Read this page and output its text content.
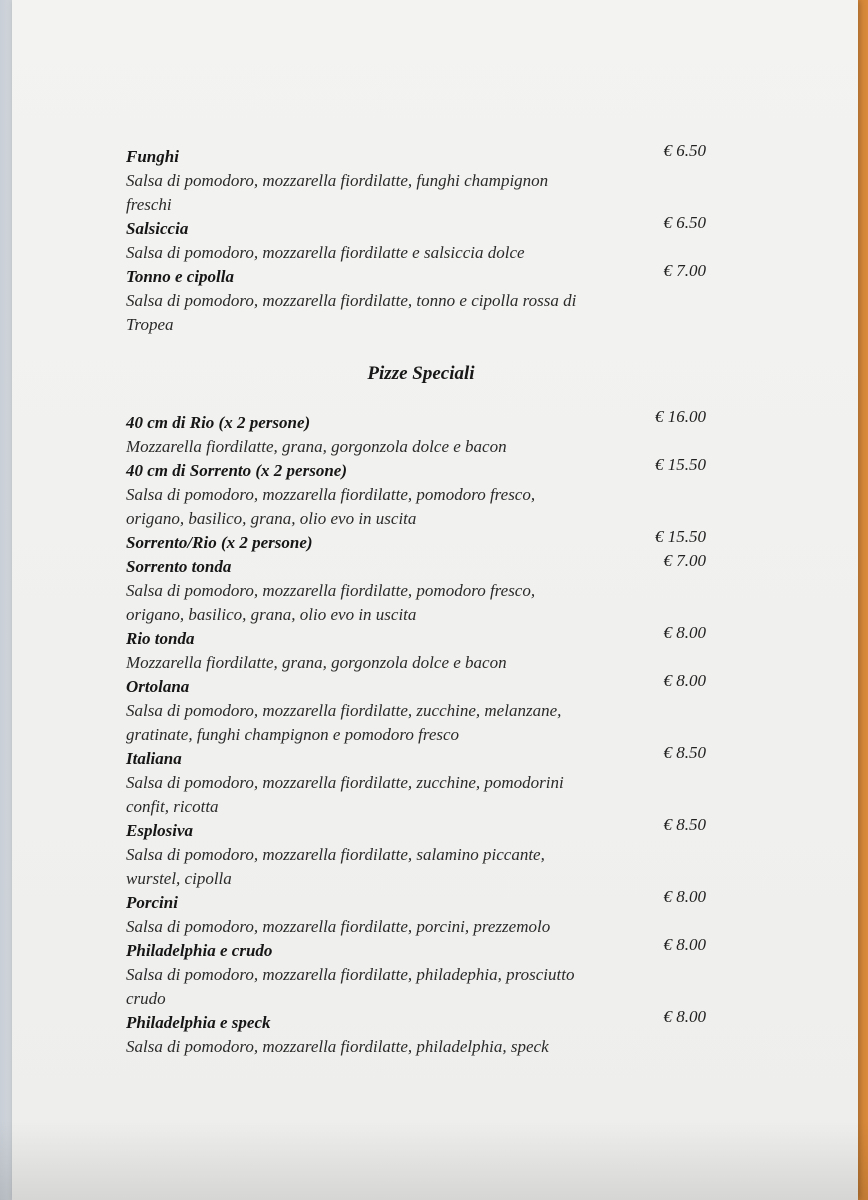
€ 6.50
Funghi
Salsa di pomodoro, mozzarella fiordilatte, funghi champignon
freschi
€ 6.50
Salsiccia
Salsa di pomodoro, mozzarella fiordilatte e salsiccia dolce
€ 7.00
Tonno e cipolla
Salsa di pomodoro, mozzarella fiordilatte, tonno e cipolla rossa di
Tropea
Pizze Speciali
€ 16.00
40 cm di Rio (x 2 persone)
Mozzarella fiordilatte, grana, gorgonzola dolce e bacon
€ 15.50
40 cm di Sorrento (x 2 persone)
Salsa di pomodoro, mozzarella fiordilatte, pomodoro fresco,
origano, basilico, grana, olio evo in uscita
€ 15.50
Sorrento/Rio (x 2 persone)
€ 7.00
Sorrento tonda
Salsa di pomodoro, mozzarella fiordilatte, pomodoro fresco,
origano, basilico, grana, olio evo in uscita
€ 8.00
Rio tonda
Mozzarella fiordilatte, grana, gorgonzola dolce e bacon
€ 8.00
Ortolana
Salsa di pomodoro, mozzarella fiordilatte, zucchine, melanzane,
gratinate, funghi champignon e pomodoro fresco
€ 8.50
Italiana
Salsa di pomodoro, mozzarella fiordilatte, zucchine, pomodorini
confit, ricotta
€ 8.50
Esplosiva
Salsa di pomodoro, mozzarella fiordilatte, salamino piccante,
wurstel, cipolla
€ 8.00
Porcini
Salsa di pomodoro, mozzarella fiordilatte, porcini, prezzemolo
€ 8.00
Philadelphia e crudo
Salsa di pomodoro, mozzarella fiordilatte, philadephia, prosciutto
crudo
€ 8.00
Philadelphia e speck
Salsa di pomodoro, mozzarella fiordilatte, philadelphia, speck
